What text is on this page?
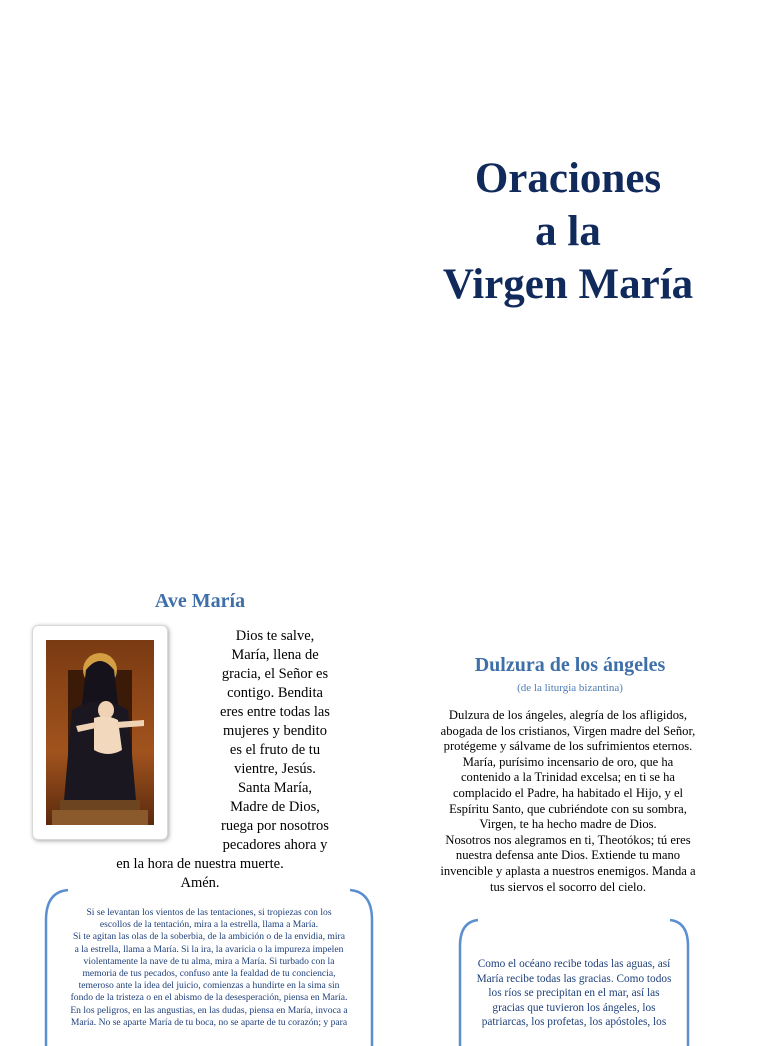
Oraciones
a la
Virgen María
Ave María
Dios te salve,
María, llena de
gracia, el Señor es
contigo. Bendita
eres entre todas las
mujeres y bendito
es el fruto de tu
vientre, Jesús.
Santa María,
Madre de Dios,
ruega por nosotros
pecadores ahora y
en la hora de nuestra muerte.
Amén.
Si se levantan los vientos de las tentaciones, si tropiezas con los
escollos de la tentación, mira a la estrella, llama a María.
Si te agitan las olas de la soberbia, de la ambición o de la envidia, mira
a la estrella, llama a María. Si la ira, la avaricia o la impureza impelen
violentamente la nave de tu alma, mira a María. Si turbado con la
memoria de tus pecados, confuso ante la fealdad de tu conciencia,
temeroso ante la idea del juicio, comienzas a hundirte en la sima sin
fondo de la tristeza o en el abismo de la desesperación, piensa en María.
En los peligros, en las angustias, en las dudas, piensa en María, invoca a
María. No se aparte María de tu boca, no se aparte de tu corazón; y para
Dulzura de los ángeles
(de la liturgia bizantina)
Dulzura de los ángeles, alegría de los afligidos,
abogada de los cristianos, Virgen madre del Señor,
protégeme y sálvame de los sufrimientos eternos.
María, purísimo incensario de oro, que ha
contenido a la Trinidad excelsa; en ti se ha
complacido el Padre, ha habitado el Hijo, y el
Espíritu Santo, que cubriéndote con su sombra,
Virgen, te ha hecho madre de Dios.
Nosotros nos alegramos en ti, Theotókos; tú eres
nuestra defensa ante Dios. Extiende tu mano
invencible y aplasta a nuestros enemigos. Manda a
tus siervos el socorro del cielo.
Como el océano recibe todas las aguas, así
María recibe todas las gracias. Como todos
los ríos se precipitan en el mar, así las
gracias que tuvieron los ángeles, los
patriarcas, los profetas, los apóstoles, los
